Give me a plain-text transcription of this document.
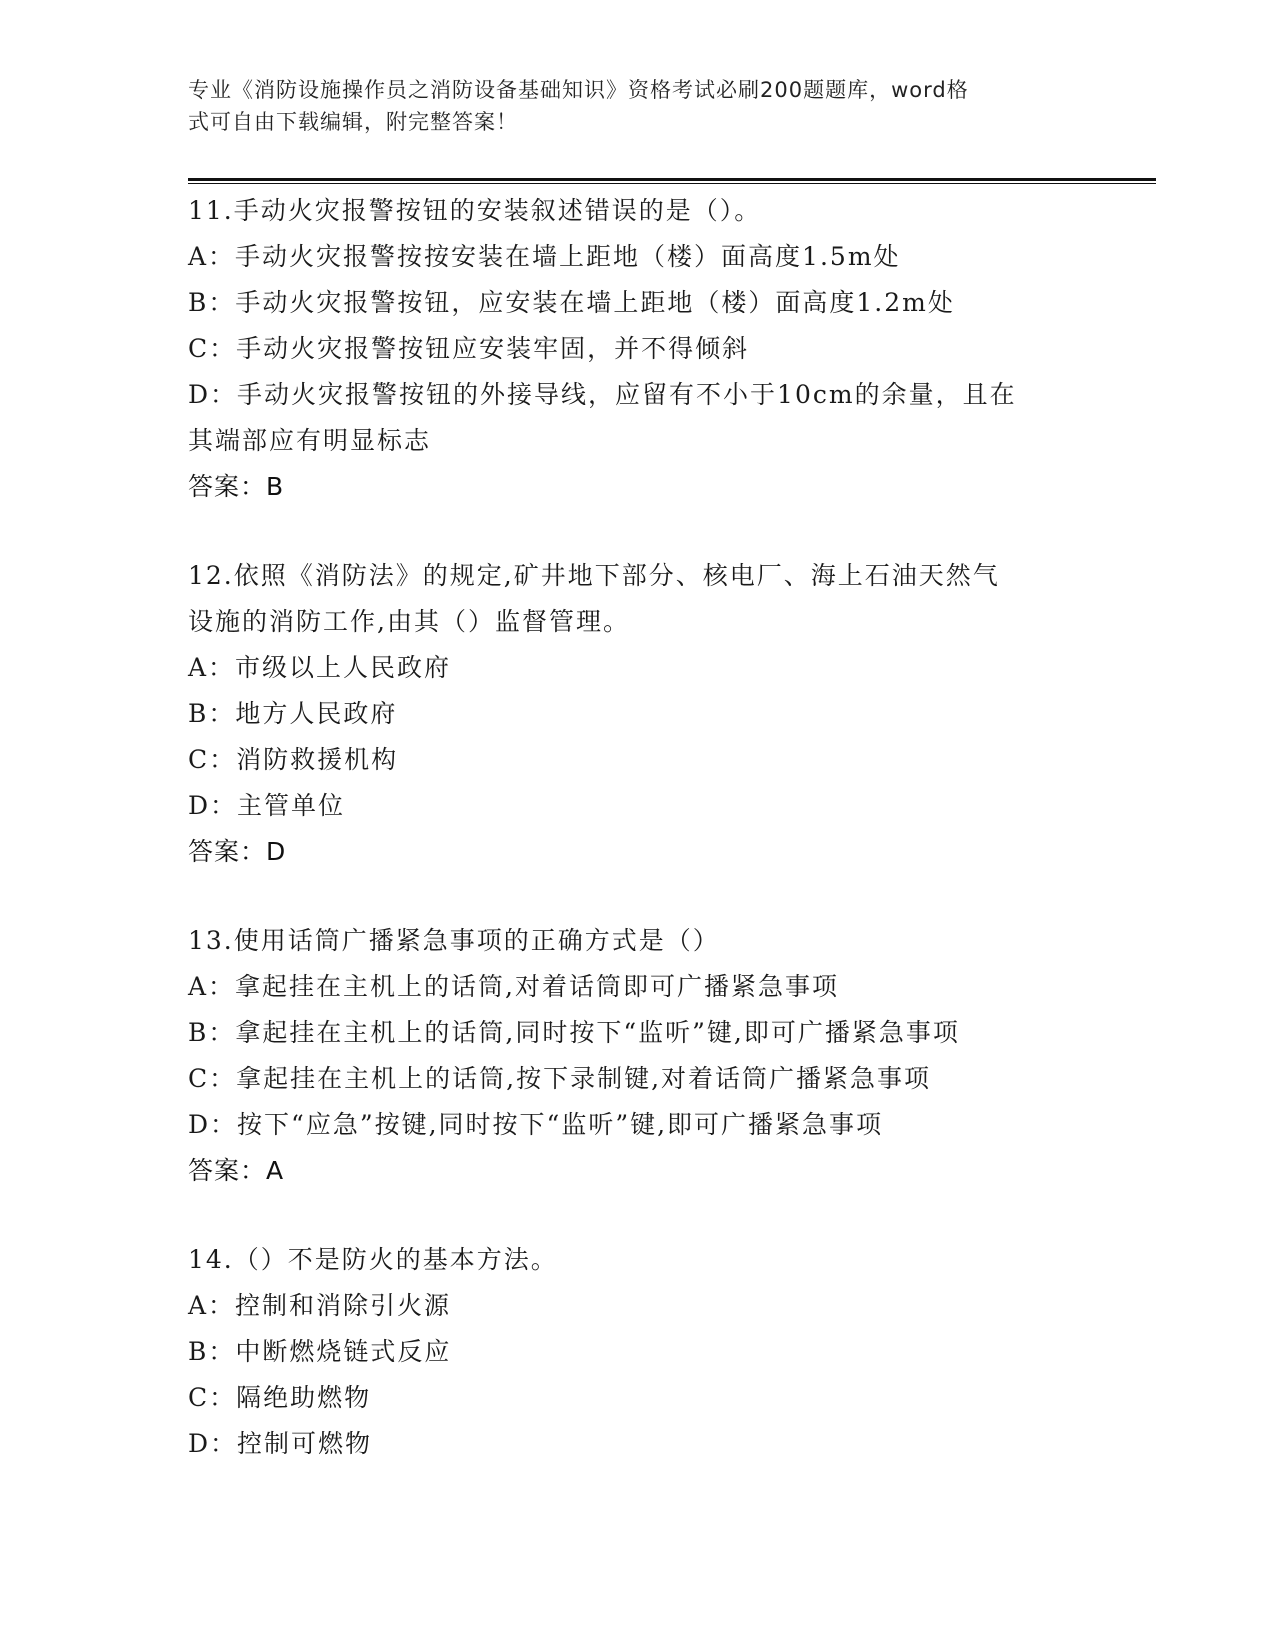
专业《消防设施操作员之消防设备基础知识》资格考试必刷200题题库，word格
式可自由下载编辑，附完整答案！
11.手动火灾报警按钮的安装叙述错误的是（）。
A：手动火灾报警按按安装在墙上距地（楼）面高度1.5m处
B：手动火灾报警按钮，应安装在墙上距地（楼）面高度1.2m处
C：手动火灾报警按钮应安装牢固，并不得倾斜
D：手动火灾报警按钮的外接导线，应留有不小于10cm的余量，且在
其端部应有明显标志
答案：B
12.依照《消防法》的规定,矿井地下部分、核电厂、海上石油天然气
设施的消防工作,由其（）监督管理。
A：市级以上人民政府
B：地方人民政府
C：消防救援机构
D：主管单位
答案：D
13.使用话筒广播紧急事项的正确方式是（）
A：拿起挂在主机上的话筒,对着话筒即可广播紧急事项
B：拿起挂在主机上的话筒,同时按下“监听”键,即可广播紧急事项
C：拿起挂在主机上的话筒,按下录制键,对着话筒广播紧急事项
D：按下“应急”按键,同时按下“监听”键,即可广播紧急事项
答案：A
14.（）不是防火的基本方法。
A：控制和消除引火源
B：中断燃烧链式反应
C：隔绝助燃物
D：控制可燃物
